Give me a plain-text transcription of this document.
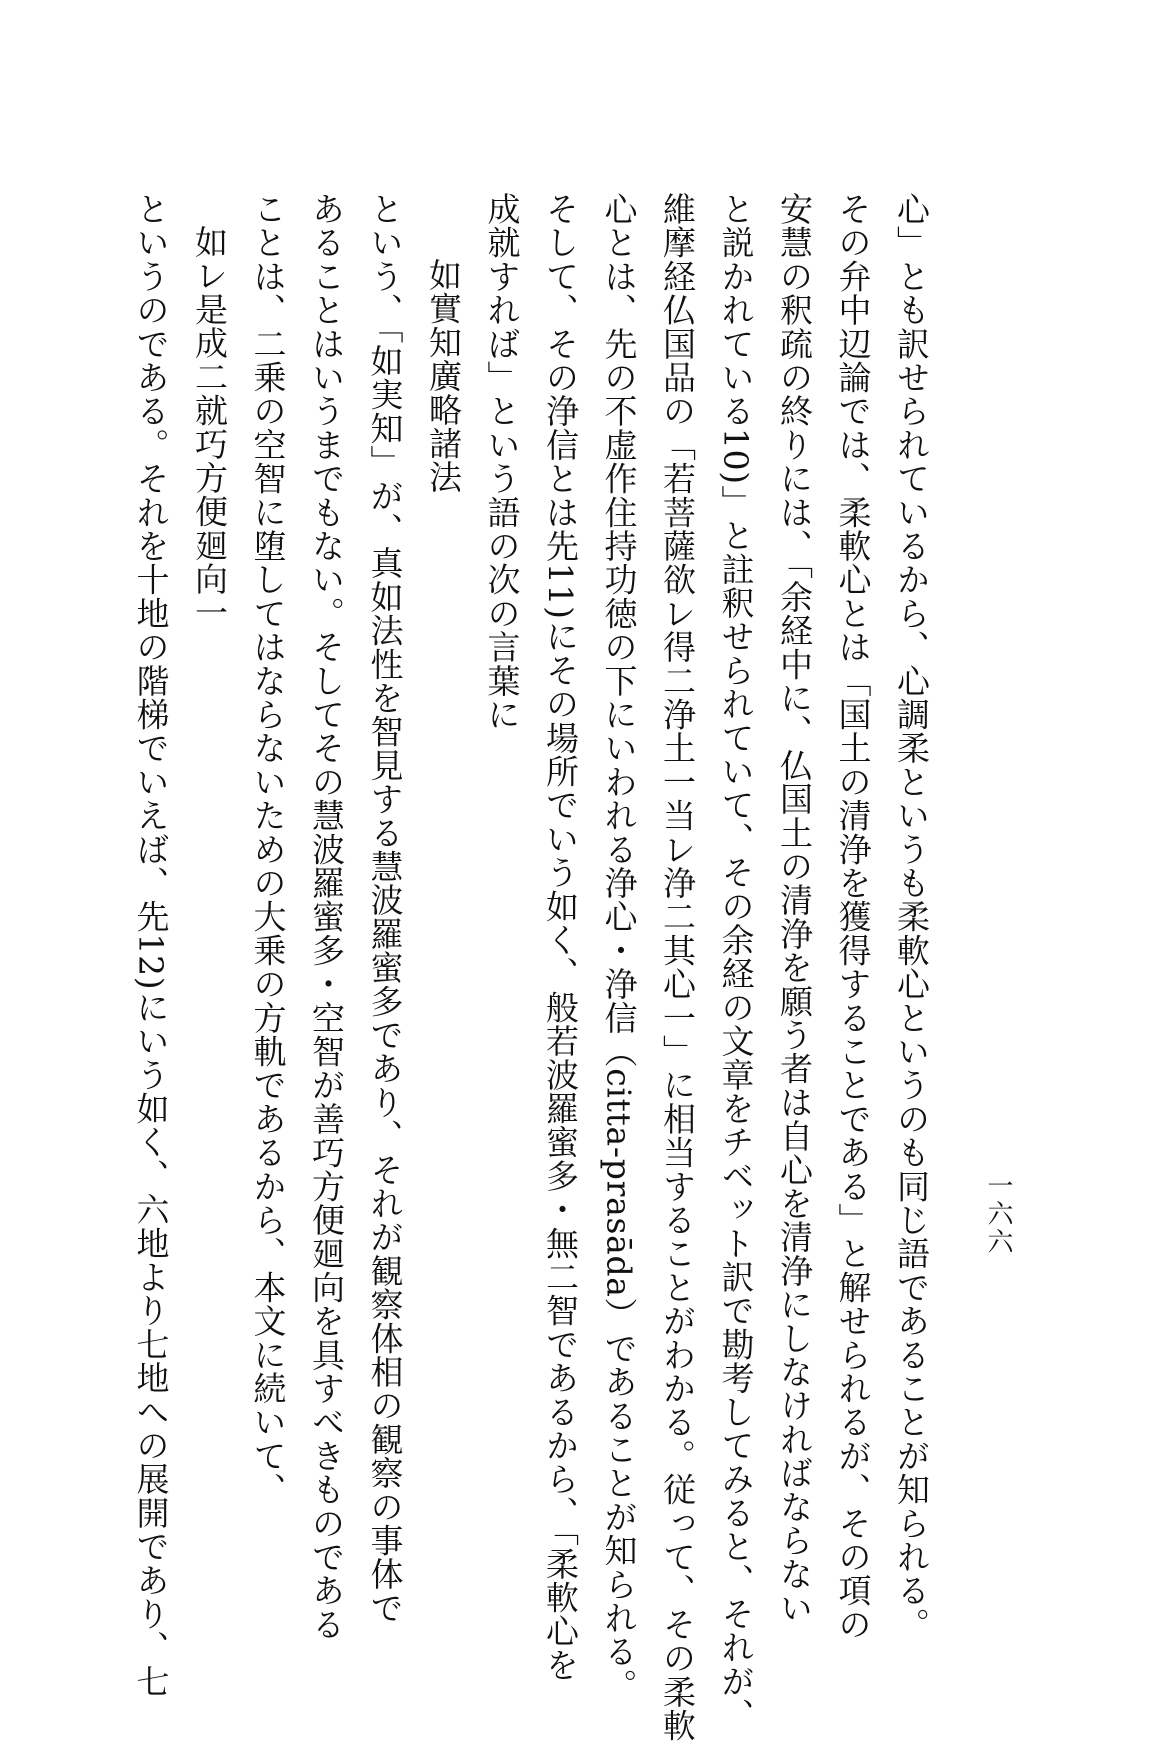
一六六
心」とも訳せられているから、心調柔というも柔軟心というのも同じ語であることが知られる。
その弁中辺論では、柔軟心とは「国土の清浄を獲得することである」と解せられるが、その項の
安慧の釈疏の終りには、「余経中に、仏国土の清浄を願う者は自心を清浄にしなければならない
と説かれている10)」と註釈せられていて、その余経の文章をチベット訳で勘考してみると、それが、
維摩経仏国品の「若菩薩欲レ得二浄土一当レ浄二其心一」に相当することがわかる。従って、その柔軟
心とは、先の不虚作住持功徳の下にいわれる浄心・浄信（citta-prasāda）であることが知られる。
そして、その浄信とは先11)にその場所でいう如く、般若波羅蜜多・無二智であるから、「柔軟心を
成就すれば」という語の次の言葉に
如實知廣略諸法
という、「如実知」が、真如法性を智見する慧波羅蜜多であり、それが観察体相の観察の事体で
あることはいうまでもない。そしてその慧波羅蜜多・空智が善巧方便廻向を具すべきものである
ことは、二乗の空智に堕してはならないための大乗の方軌であるから、本文に続いて、
如レ是成二就巧方便廻向一
というのである。それを十地の階梯でいえば、先12)にいう如く、六地より七地への展開であり、七
